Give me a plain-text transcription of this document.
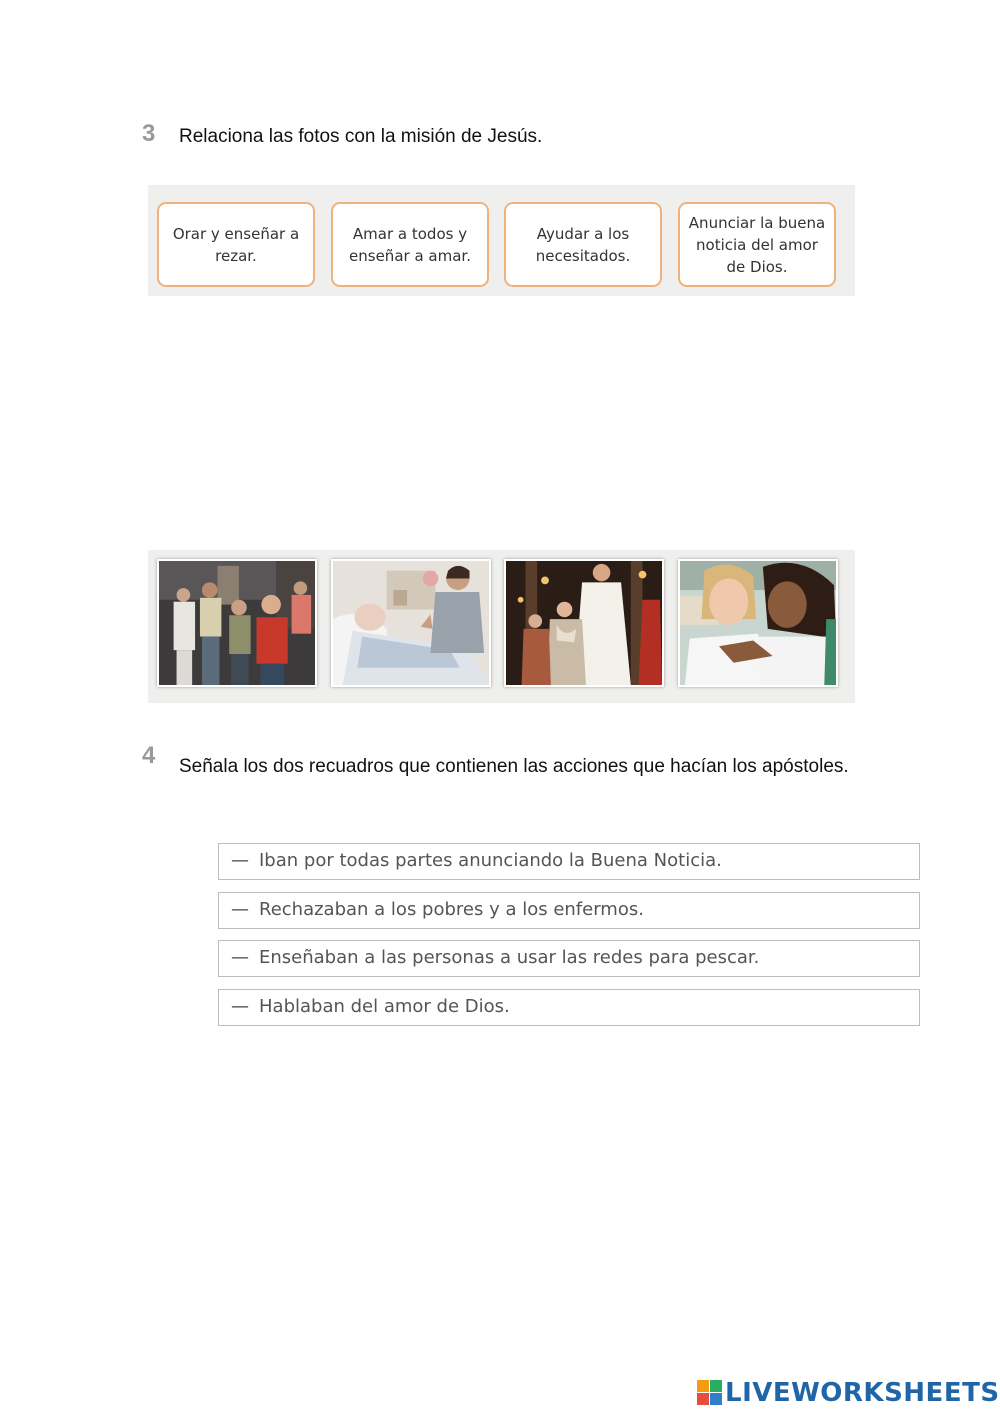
3 Relaciona las fotos con la misión de Jesús.
Orar y enseñar a rezar.
Amar a todos y enseñar a amar.
Ayudar a los necesitados.
Anunciar la buena noticia del amor de Dios.
4 Señala los dos recuadros que contienen las acciones que hacían los apóstoles.
— Iban por todas partes anunciando la Buena Noticia.
— Rechazaban a los pobres y a los enfermos.
— Enseñaban a las personas a usar las redes para pescar.
— Hablaban del amor de Dios.
LIVEWORKSHEETS
